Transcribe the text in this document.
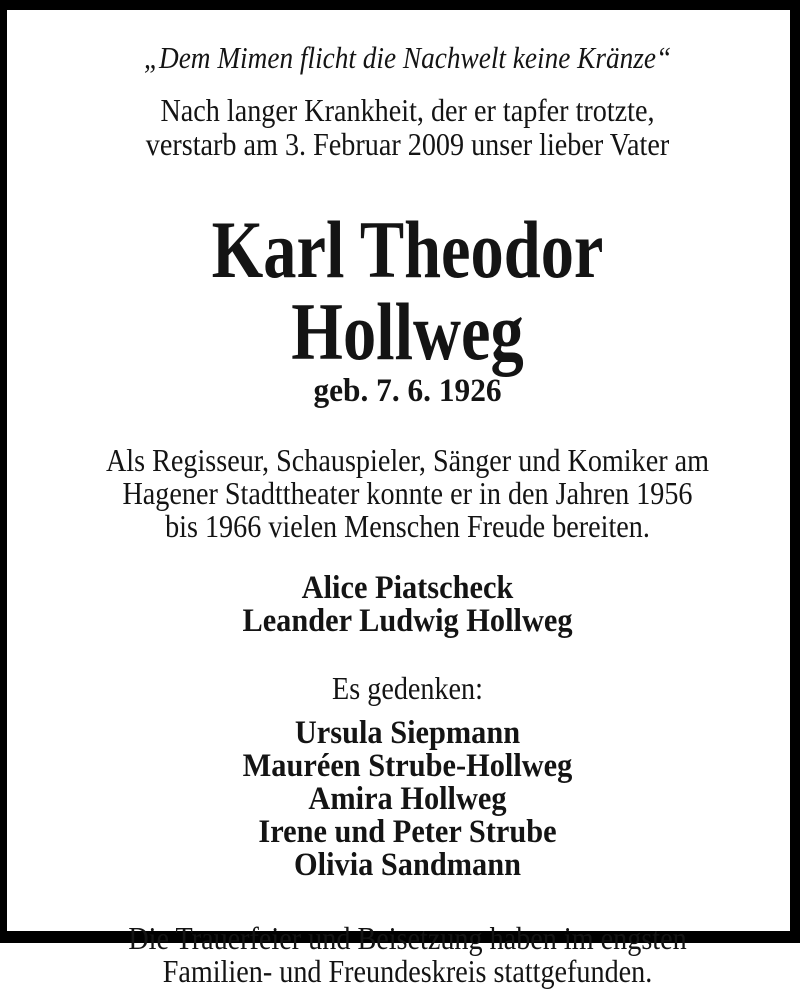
„Dem Mimen flicht die Nachwelt keine Kränze“
Nach langer Krankheit, der er tapfer trotzte,
verstarb am 3. Februar 2009 unser lieber Vater
Karl Theodor Hollweg
geb. 7. 6. 1926
Als Regisseur, Schauspieler, Sänger und Komiker am
Hagener Stadttheater konnte er in den Jahren 1956
bis 1966 vielen Menschen Freude bereiten.
Alice Piatscheck
Leander Ludwig Hollweg
Es gedenken:
Ursula Siepmann
Mauréen Strube-Hollweg
Amira Hollweg
Irene und Peter Strube
Olivia Sandmann
Die Trauerfeier und Beisetzung haben im engsten
Familien- und Freundeskreis stattgefunden.
